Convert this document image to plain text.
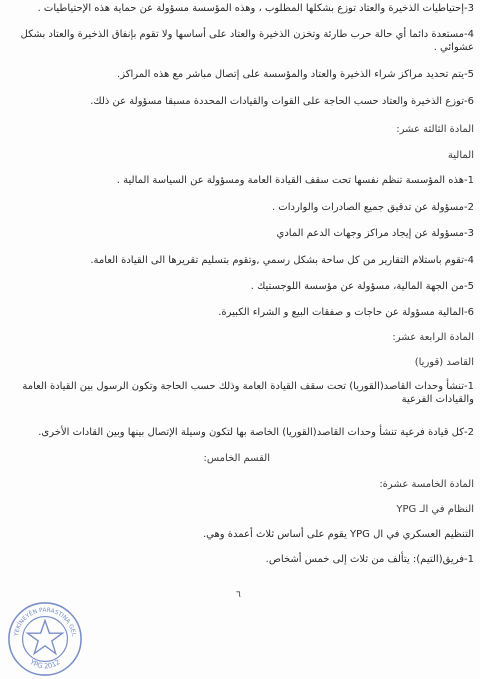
3-إحتياطيات الذخيرة والعتاد توزع بشكلها المطلوب ، وهذه المؤسسة مسؤولة عن حماية هذه الإحتياطيات .

4-مستعدة دائما أي حالة حرب طارئة وتخزن الذخيرة والعتاد على أساسها ولا تقوم بإنفاق الذخيرة والعتاد بشكل عشوائي .

5-يتم تحديد مراكز شراء الذخيرة والعتاد والمؤسسة على إتصال مباشر مع هذه المراكز.

6-توزع الذخيرة والعتاد حسب الحاجة على القوات والقيادات المحددة مسبقا مسؤولة عن ذلك.

المادة الثالثة عشر:

المالية

1-هذه المؤسسة تنظم نفسها تحت سقف القيادة العامة ومسؤولة عن السياسة المالية .

2-مسؤولة عن تدقيق جميع الصادرات والواردات .

3-مسؤولة عن إيجاد مراكز وجهات الدعم المادي

4-تقوم باستلام التقارير من كل ساحة بشكل رسمي ,وتقوم بتسليم تقريرها الى القيادة العامة.

5-من الجهة المالية، مسؤولة عن مؤسسة اللوجستيك .

6-المالية مسؤولة عن حاجات و صفقات البيع و الشراء الكبيرة.

المادة الرابعة عشر:

القاصد (قوريا)

1-تنشأ وحدات القاصد(القوريا) تحت سقف القيادة العامة وذلك حسب الحاجة وتكون الرسول بين القيادة العامة والقيادات الفرعية

2-كل قيادة فرعية تنشأ وحدات القاصد(القوريا) الخاصة بها لتكون وسيلة الإتصال بينها وبين القادات الأخرى.

القسم الخامس:

المادة الخامسة عشرة:

النظام في الـ YPG

التنظيم العسكري في ال YPG يقوم على أساس ثلاث أعمدة وهي.

1-فريق(التيم): يتألف من ثلاث إلى خمس أشخاص.

٦
YEKÎNEYÊN PARASTINA GEL
YPG 2012
